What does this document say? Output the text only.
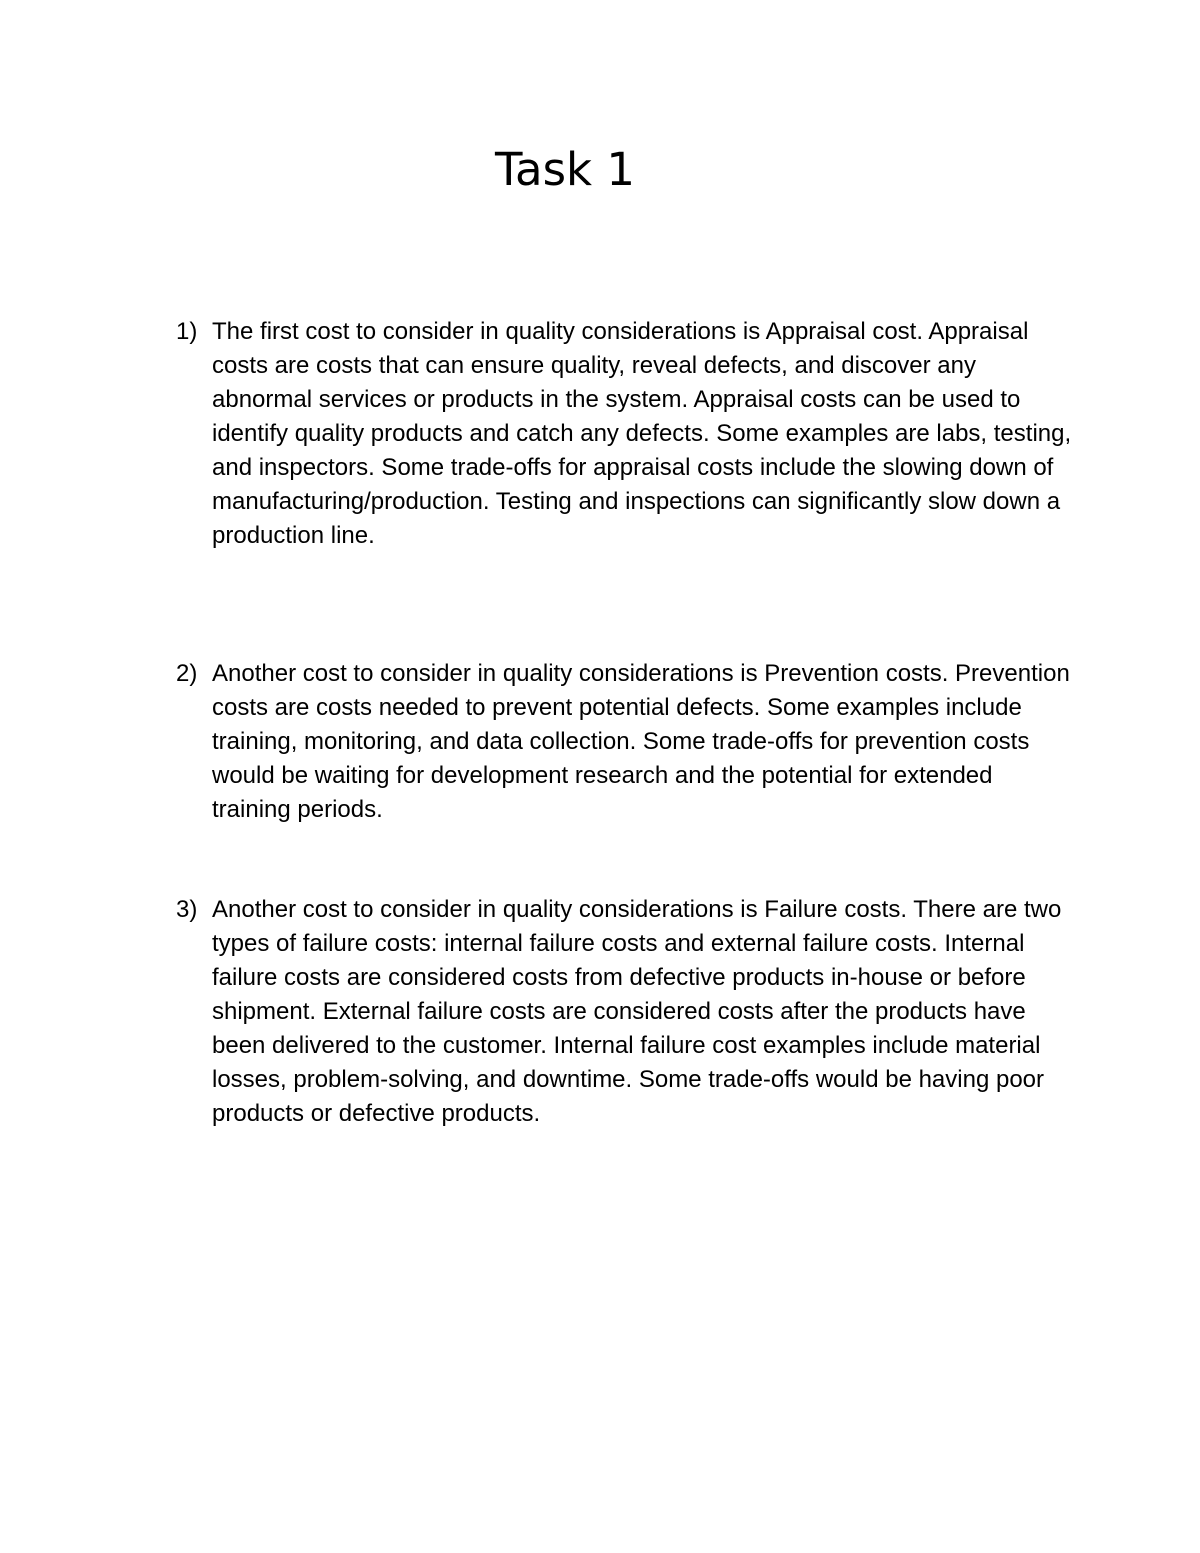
Task 1
1) The first cost to consider in quality considerations is Appraisal cost. Appraisal costs are costs that can ensure quality, reveal defects, and discover any abnormal services or products in the system. Appraisal costs can be used to identify quality products and catch any defects. Some examples are labs, testing, and inspectors. Some trade-offs for appraisal costs include the slowing down of manufacturing/production. Testing and inspections can significantly slow down a production line.
2) Another cost to consider in quality considerations is Prevention costs. Prevention costs are costs needed to prevent potential defects. Some examples include training, monitoring, and data collection. Some trade-offs for prevention costs would be waiting for development research and the potential for extended training periods.
3) Another cost to consider in quality considerations is Failure costs. There are two types of failure costs: internal failure costs and external failure costs. Internal failure costs are considered costs from defective products in-house or before shipment. External failure costs are considered costs after the products have been delivered to the customer. Internal failure cost examples include material losses, problem-solving, and downtime. Some trade-offs would be having poor products or defective products.
